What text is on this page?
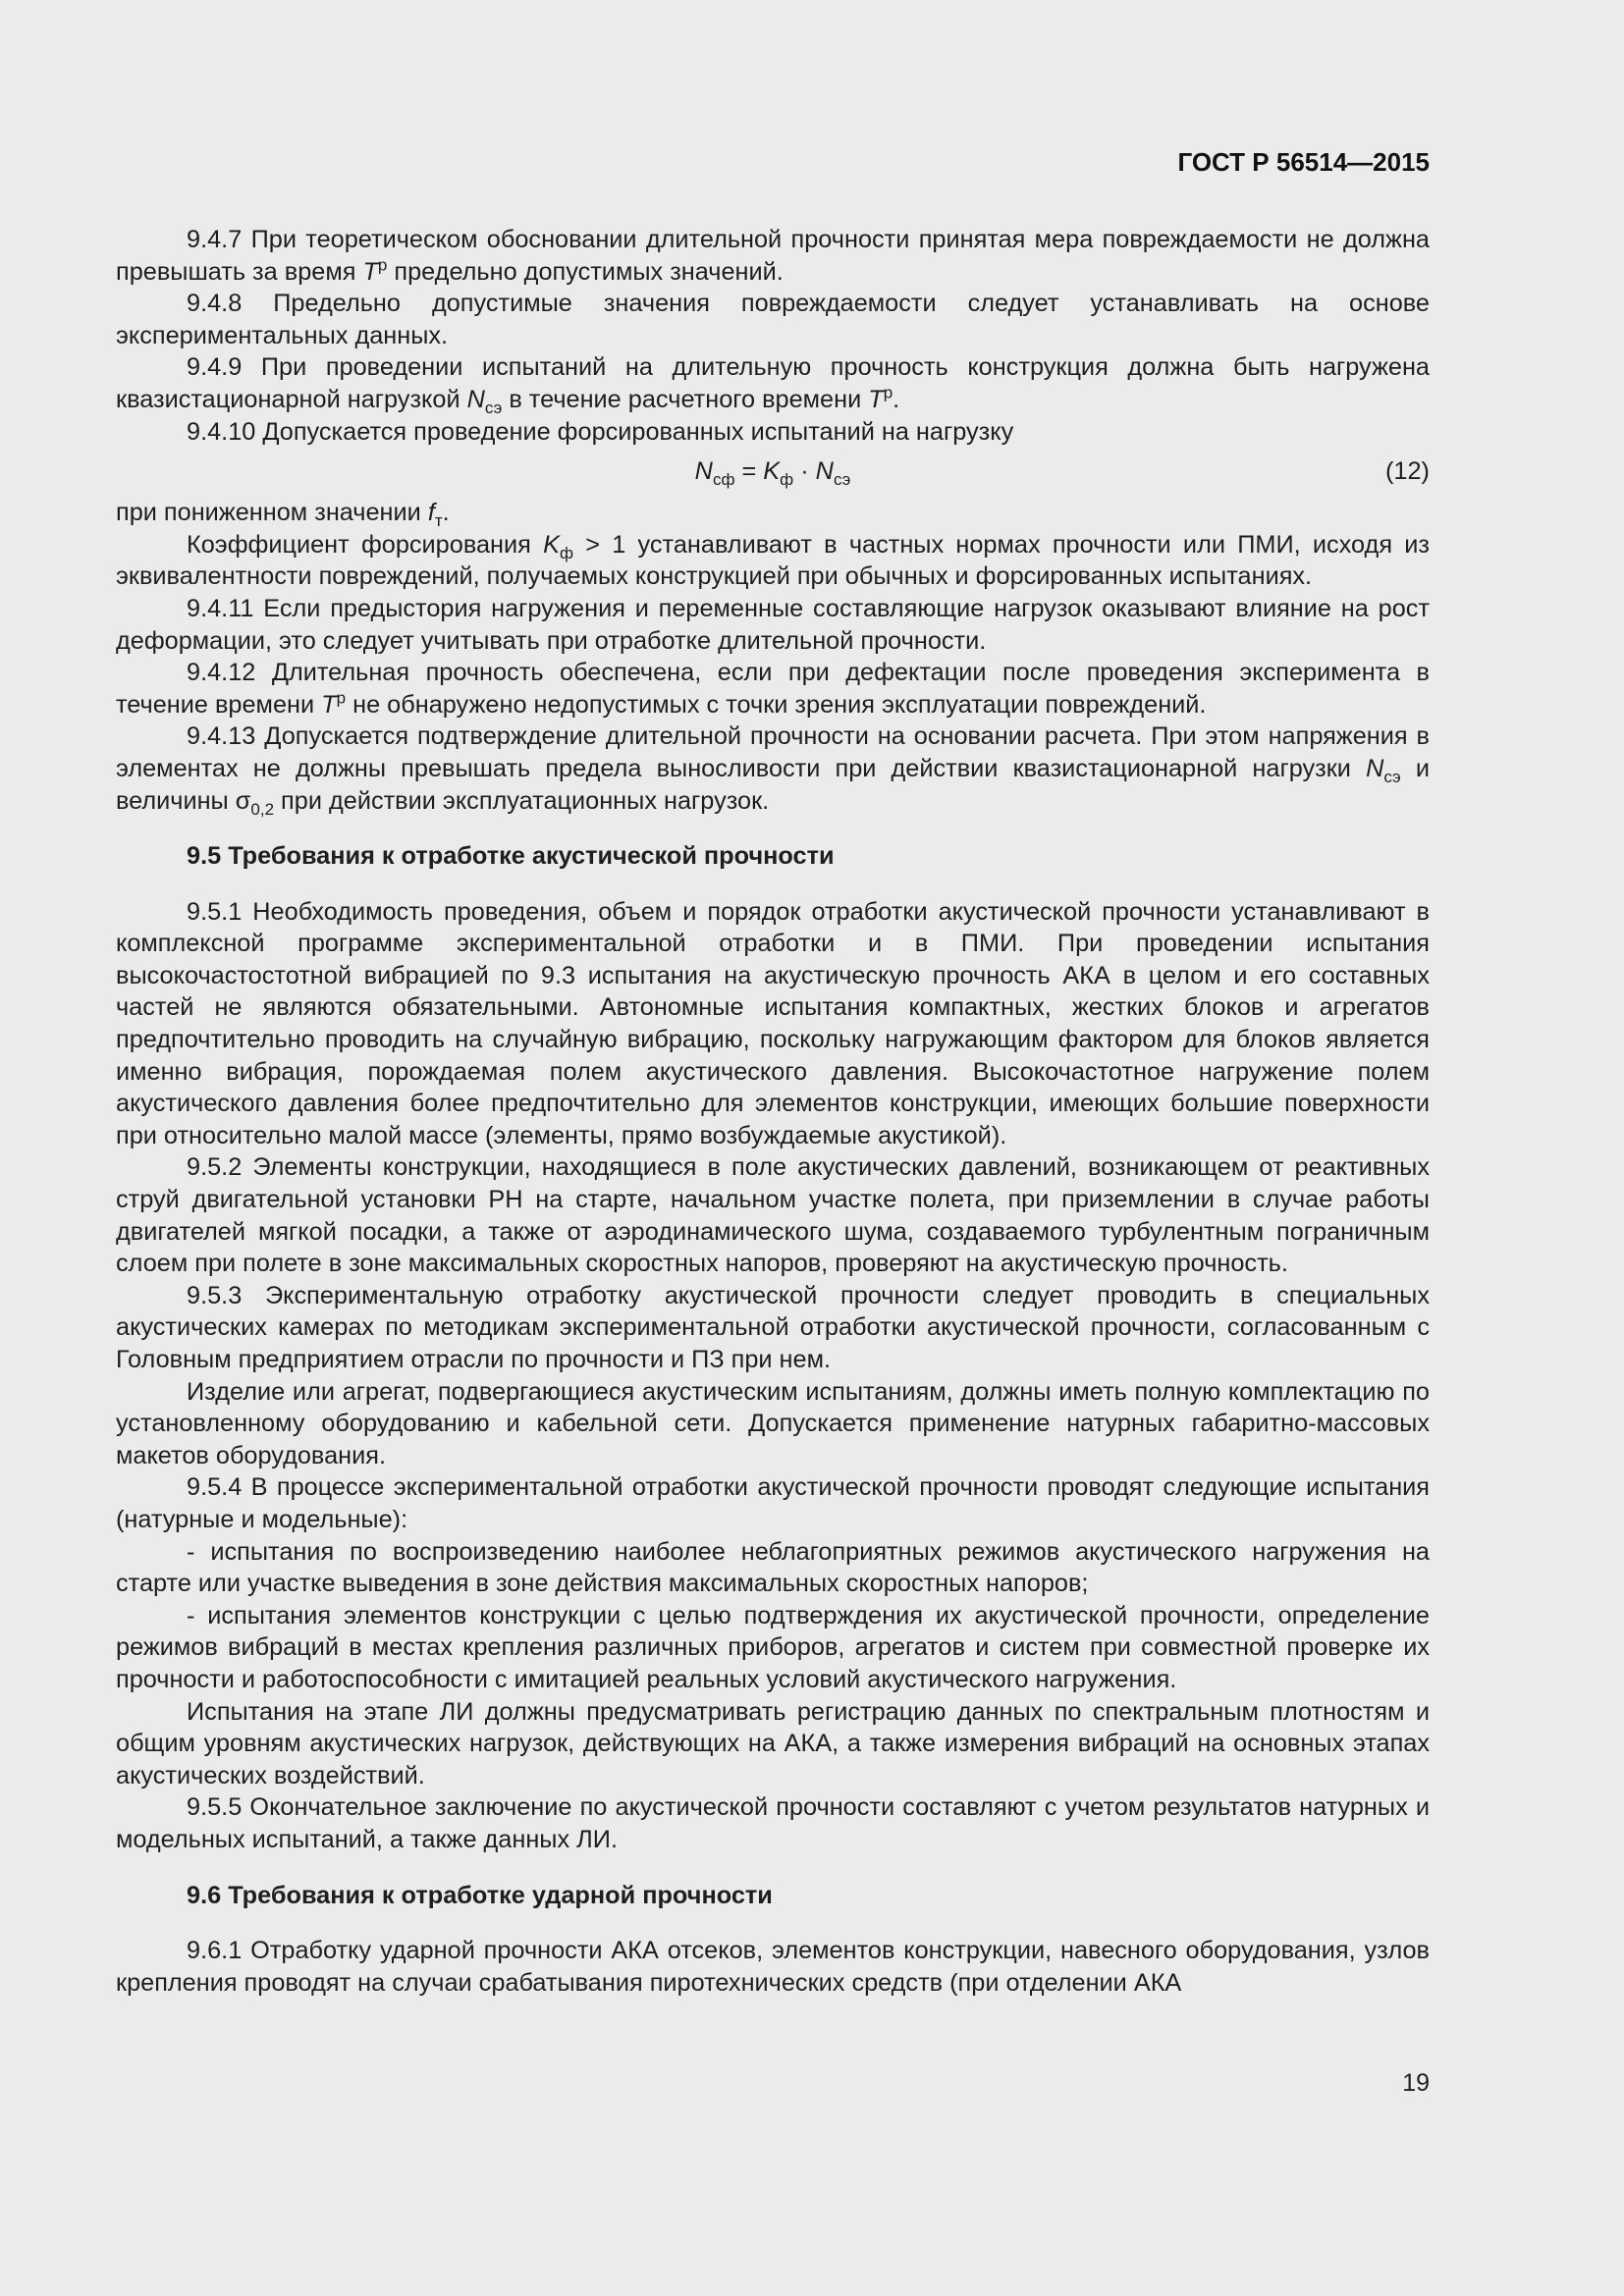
ГОСТ Р 56514—2015

9.4.7 При теоретическом обосновании длительной прочности принятая мера повреждаемости не должна превышать за время $T^р$ предельно допустимых значений.

9.4.8 Предельно допустимые значения повреждаемости следует устанавливать на основе экспериментальных данных.

9.4.9 При проведении испытаний на длительную прочность конструкция должна быть нагружена квазистационарной нагрузкой $N_{сэ}$ в течение расчетного времени $T^р$.

9.4.10 Допускается проведение форсированных испытаний на нагрузку

$N_{сф} = K_ф \cdot N_{сэ}$	(12)

при пониженном значении $f_т$.

Коэффициент форсирования $K_ф > 1$ устанавливают в частных нормах прочности или ПМИ, исходя из эквивалентности повреждений, получаемых конструкцией при обычных и форсированных испытаниях.

9.4.11 Если предыстория нагружения и переменные составляющие нагрузок оказывают влияние на рост деформации, это следует учитывать при отработке длительной прочности.

9.4.12 Длительная прочность обеспечена, если при дефектации после проведения эксперимента в течение времени $T^р$ не обнаружено недопустимых с точки зрения эксплуатации повреждений.

9.4.13 Допускается подтверждение длительной прочности на основании расчета. При этом напряжения в элементах не должны превышать предела выносливости при действии квазистационарной нагрузки $N_{сэ}$ и величины $\sigma_{0,2}$ при действии эксплуатационных нагрузок.

9.5 Требования к отработке акустической прочности

9.5.1 Необходимость проведения, объем и порядок отработки акустической прочности устанавливают в комплексной программе экспериментальной отработки и в ПМИ. При проведении испытания высокочастостотной вибрацией по 9.3 испытания на акустическую прочность АКА в целом и его составных частей не являются обязательными. Автономные испытания компактных, жестких блоков и агрегатов предпочтительно проводить на случайную вибрацию, поскольку нагружающим фактором для блоков является именно вибрация, порождаемая полем акустического давления. Высокочастотное нагружение полем акустического давления более предпочтительно для элементов конструкции, имеющих большие поверхности при относительно малой массе (элементы, прямо возбуждаемые акустикой).

9.5.2 Элементы конструкции, находящиеся в поле акустических давлений, возникающем от реактивных струй двигательной установки РН на старте, начальном участке полета, при приземлении в случае работы двигателей мягкой посадки, а также от аэродинамического шума, создаваемого турбулентным пограничным слоем при полете в зоне максимальных скоростных напоров, проверяют на акустическую прочность.

9.5.3 Экспериментальную отработку акустической прочности следует проводить в специальных акустических камерах по методикам экспериментальной отработки акустической прочности, согласованным с Головным предприятием отрасли по прочности и ПЗ при нем.

Изделие или агрегат, подвергающиеся акустическим испытаниям, должны иметь полную комплектацию по установленному оборудованию и кабельной сети. Допускается применение натурных габаритно-массовых макетов оборудования.

9.5.4 В процессе экспериментальной отработки акустической прочности проводят следующие испытания (натурные и модельные):

- испытания по воспроизведению наиболее неблагоприятных режимов акустического нагружения на старте или участке выведения в зоне действия максимальных скоростных напоров;

- испытания элементов конструкции с целью подтверждения их акустической прочности, определение режимов вибраций в местах крепления различных приборов, агрегатов и систем при совместной проверке их прочности и работоспособности с имитацией реальных условий акустического нагружения.

Испытания на этапе ЛИ должны предусматривать регистрацию данных по спектральным плотностям и общим уровням акустических нагрузок, действующих на АКА, а также измерения вибраций на основных этапах акустических воздействий.

9.5.5 Окончательное заключение по акустической прочности составляют с учетом результатов натурных и модельных испытаний, а также данных ЛИ.

9.6 Требования к отработке ударной прочности

9.6.1 Отработку ударной прочности АКА отсеков, элементов конструкции, навесного оборудования, узлов крепления проводят на случаи срабатывания пиротехнических средств (при отделении АКА

19
